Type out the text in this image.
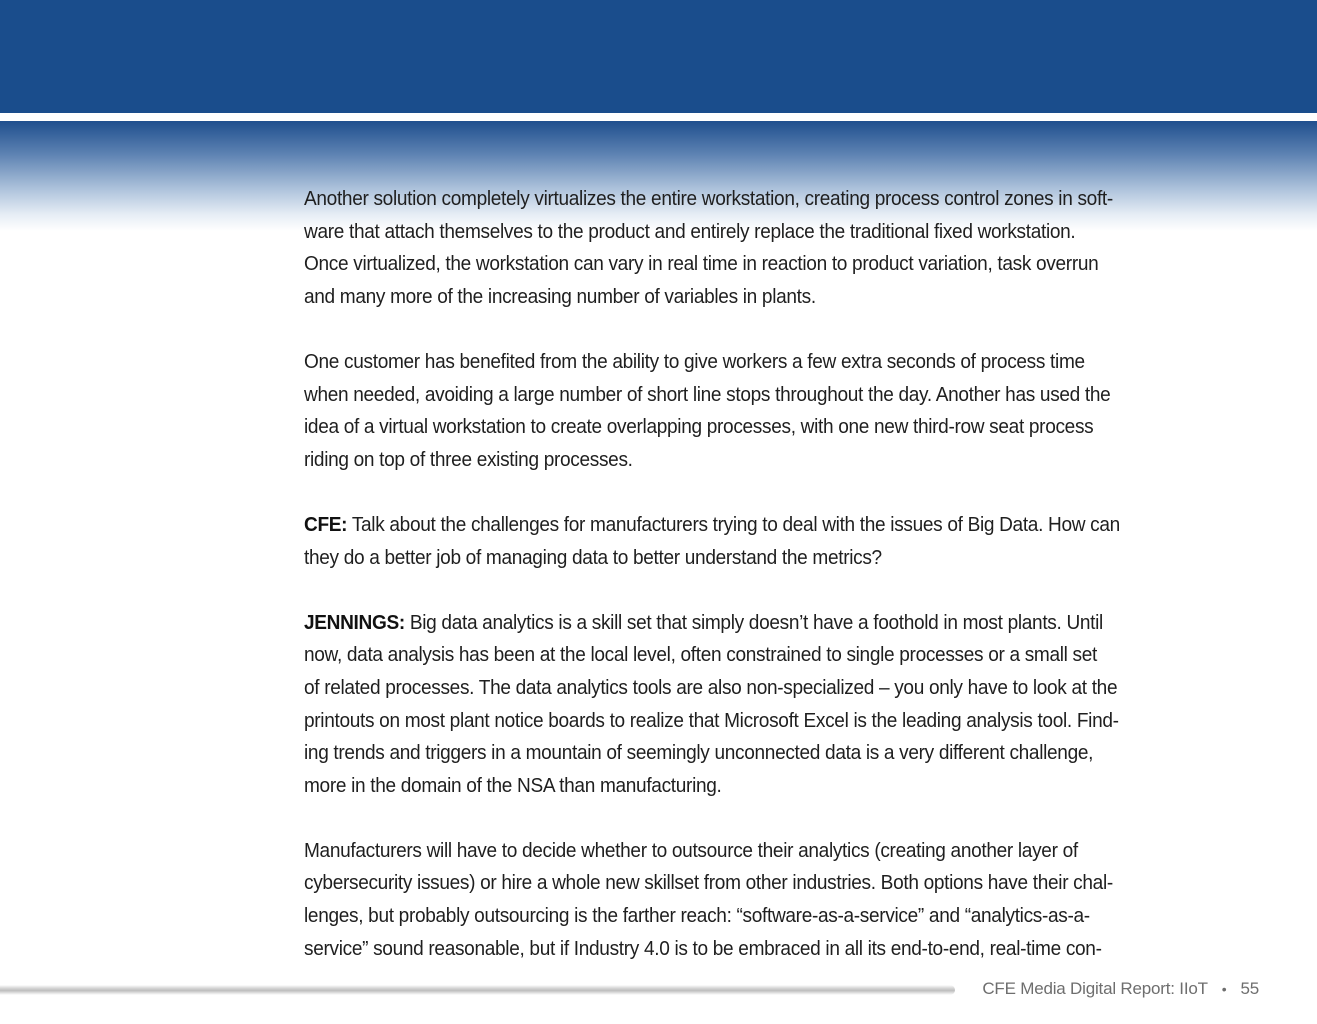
Another solution completely virtualizes the entire workstation, creating process control zones in soft-
ware that attach themselves to the product and entirely replace the traditional fixed workstation.
Once virtualized, the workstation can vary in real time in reaction to product variation, task overrun
and many more of the increasing number of variables in plants.

One customer has benefited from the ability to give workers a few extra seconds of process time
when needed, avoiding a large number of short line stops throughout the day. Another has used the
idea of a virtual workstation to create overlapping processes, with one new third-row seat process
riding on top of three existing processes.

CFE: Talk about the challenges for manufacturers trying to deal with the issues of Big Data. How can
they do a better job of managing data to better understand the metrics?

JENNINGS: Big data analytics is a skill set that simply doesn’t have a foothold in most plants. Until
now, data analysis has been at the local level, often constrained to single processes or a small set
of related processes. The data analytics tools are also non-specialized – you only have to look at the
printouts on most plant notice boards to realize that Microsoft Excel is the leading analysis tool. Find-
ing trends and triggers in a mountain of seemingly unconnected data is a very different challenge,
more in the domain of the NSA than manufacturing.

Manufacturers will have to decide whether to outsource their analytics (creating another layer of
cybersecurity issues) or hire a whole new skillset from other industries. Both options have their chal-
lenges, but probably outsourcing is the farther reach: “software-as-a-service” and “analytics-as-a-
service” sound reasonable, but if Industry 4.0 is to be embraced in all its end-to-end, real-time con-

CFE Media Digital Report: IIoT • 55
